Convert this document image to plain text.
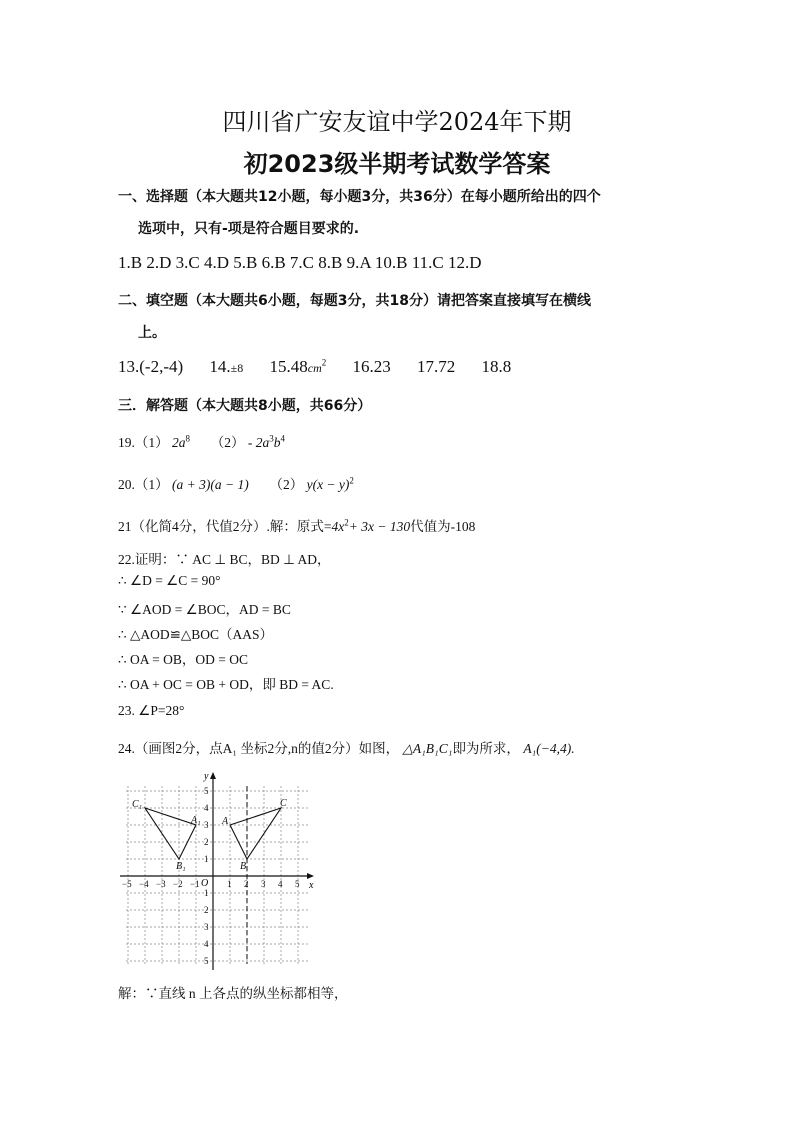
四川省广安友谊中学2024年下期
初2023级半期考试数学答案
一、选择题（本大题共12小题，每小题3分，共36分）在每小题所给出的四个
选项中，只有-项是符合题目要求的.
1.B 2.D 3.C 4.D 5.B 6.B 7.C 8.B 9.A 10.B 11.C 12.D
二、填空题（本大题共6小题，每题3分，共18分）请把答案直接填写在横线
上。
13.(-2,-4) 14.±8 $15.48cm^2$ 16.23 17.72 18.8
三．解答题（本大题共8小题，共66分）
19.（1） $2a^8$ $(2) - 2a^3b^4$
20.（1） (a + 3)(a − 1) （2） $y(x - y)^2$
21（化简4分，代值2分）.解：原式$=4x^2+ 3x - 130$代值为-108
22.证明：∵ AC ⊥ BC，BD ⊥ AD，
∴ ∠D = ∠C = 90°
∵ ∠AOD = ∠BOC，AD = BC
∴ △AOD≌△BOC（AAS）
∴ OA = OB，OD = OC
∴ OA + OC = OB + OD，即 BD = AC.
23. ∠P=28°
24.（画图2分，点A₁ 坐标2分,n的值2分）如图， △A₁B₁C₁即为所求， A₁(−4,4).
x
y
O
−5 −4 −3 −2 −1	1 2 3 4 5
5
4
3
2
1
1
2
3
4
5
C₁
A₁
B₁
A
B
C
解：∵直线 n 上各点的纵坐标都相等，
